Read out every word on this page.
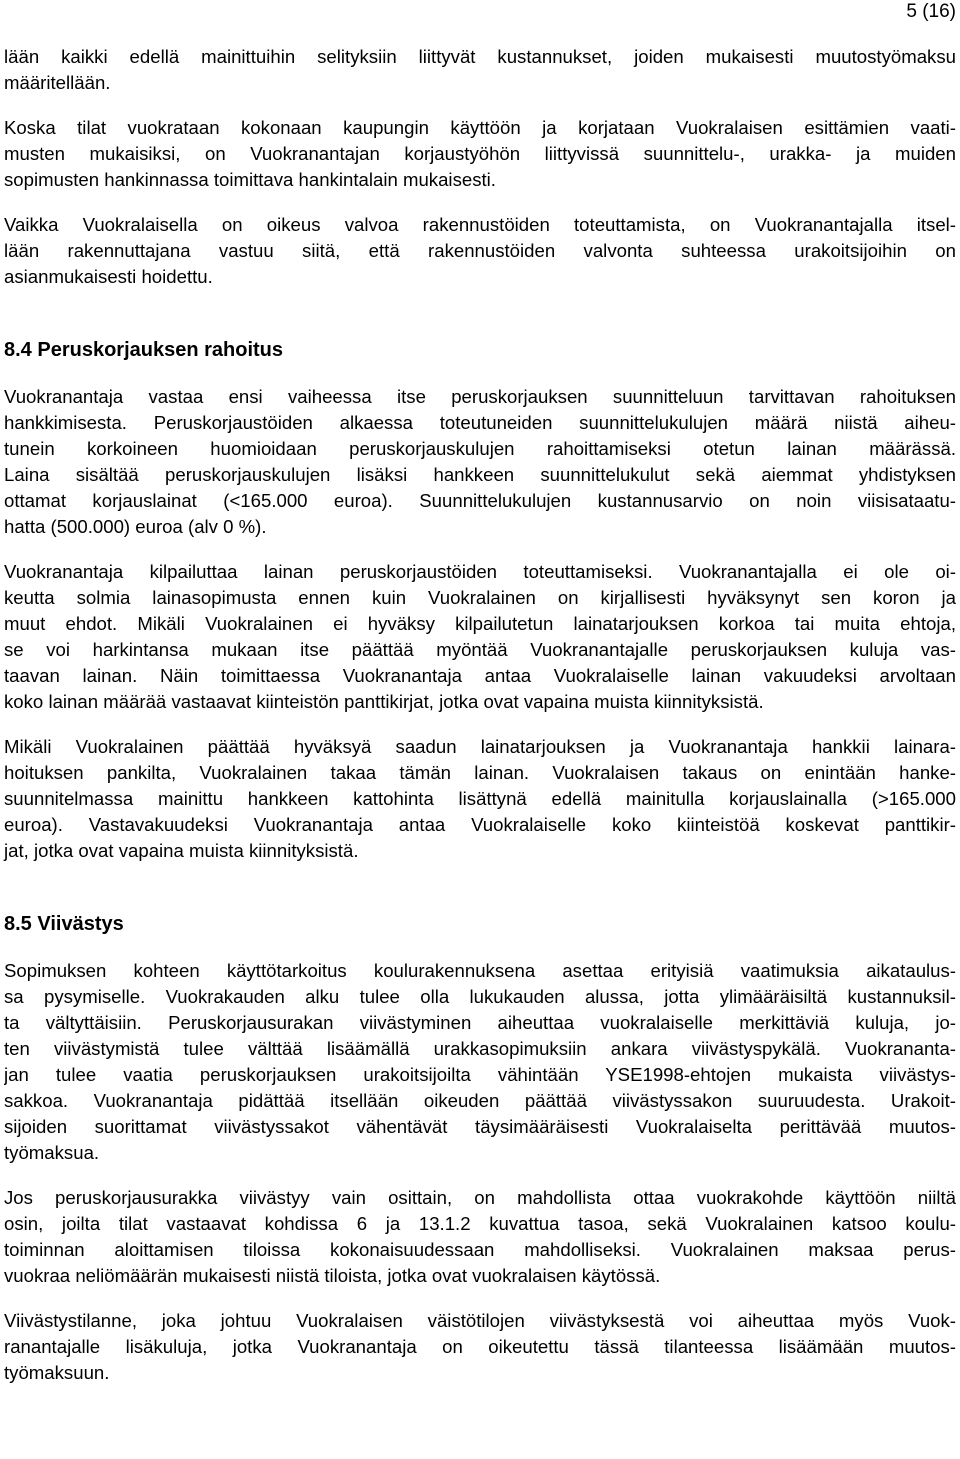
5 (16)
lään kaikki edellä mainittuihin selityksiin liittyvät kustannukset, joiden mukaisesti muutostyömaksu
määritellään.
Koska tilat vuokrataan kokonaan kaupungin käyttöön ja korjataan Vuokralaisen esittämien vaati-
musten mukaisiksi, on Vuokranantajan korjaustyöhön liittyvissä suunnittelu-, urakka- ja muiden
sopimusten hankinnassa toimittava hankintalain mukaisesti.
Vaikka Vuokralaisella on oikeus valvoa rakennustöiden toteuttamista, on Vuokranantajalla itsel-
lään rakennuttajana vastuu siitä, että rakennustöiden valvonta suhteessa urakoitsijoihin on
asianmukaisesti hoidettu.
8.4 Peruskorjauksen rahoitus
Vuokranantaja vastaa ensi vaiheessa itse peruskorjauksen suunnitteluun tarvittavan rahoituksen
hankkimisesta. Peruskorjaustöiden alkaessa toteutuneiden suunnittelukulujen määrä niistä aiheu-
tunein korkoineen huomioidaan peruskorjauskulujen rahoittamiseksi otetun lainan määrässä.
Laina sisältää peruskorjauskulujen lisäksi hankkeen suunnittelukulut sekä aiemmat yhdistyksen
ottamat korjauslainat (<165.000 euroa). Suunnittelukulujen kustannusarvio on noin viisisataatu-
hatta (500.000) euroa (alv 0 %).
Vuokranantaja kilpailuttaa lainan peruskorjaustöiden toteuttamiseksi. Vuokranantajalla ei ole oi-
keutta solmia lainasopimusta ennen kuin Vuokralainen on kirjallisesti hyväksynyt sen koron ja
muut ehdot. Mikäli Vuokralainen ei hyväksy kilpailutetun lainatarjouksen korkoa tai muita ehtoja,
se voi harkintansa mukaan itse päättää myöntää Vuokranantajalle peruskorjauksen kuluja vas-
taavan lainan. Näin toimittaessa Vuokranantaja antaa Vuokralaiselle lainan vakuudeksi arvoltaan
koko lainan määrää vastaavat kiinteistön panttikirjat, jotka ovat vapaina muista kiinnityksistä.
Mikäli Vuokralainen päättää hyväksyä saadun lainatarjouksen ja Vuokranantaja hankkii lainara-
hoituksen pankilta, Vuokralainen takaa tämän lainan. Vuokralaisen takaus on enintään hanke-
suunnitelmassa mainittu hankkeen kattohinta lisättynä edellä mainitulla korjauslainalla (>165.000
euroa). Vastavakuudeksi Vuokranantaja antaa Vuokralaiselle koko kiinteistöä koskevat panttikir-
jat, jotka ovat vapaina muista kiinnityksistä.
8.5 Viivästys
Sopimuksen kohteen käyttötarkoitus koulurakennuksena asettaa erityisiä vaatimuksia aikataulus-
sa pysymiselle. Vuokrakauden alku tulee olla lukukauden alussa, jotta ylimääräisiltä kustannuksil-
ta vältyttäisiin. Peruskorjausurakan viivästyminen aiheuttaa vuokralaiselle merkittäviä kuluja, jo-
ten viivästymistä tulee välttää lisäämällä urakkasopimuksiin ankara viivästyspykälä. Vuokrananta-
jan tulee vaatia peruskorjauksen urakoitsijoilta vähintään YSE1998-ehtojen mukaista viivästys-
sakkoa. Vuokranantaja pidättää itsellään oikeuden päättää viivästyssakon suuruudesta. Urakoit-
sijoiden suorittamat viivästyssakot vähentävät täysimääräisesti Vuokralaiselta perittävää muutos-
työmaksua.
Jos peruskorjausurakka viivästyy vain osittain, on mahdollista ottaa vuokrakohde käyttöön niiltä
osin, joilta tilat vastaavat kohdissa 6 ja 13.1.2 kuvattua tasoa, sekä Vuokralainen katsoo koulu-
toiminnan aloittamisen tiloissa kokonaisuudessaan mahdolliseksi. Vuokralainen maksaa perus-
vuokraa neliömäärän mukaisesti niistä tiloista, jotka ovat vuokralaisen käytössä.
Viivästystilanne, joka johtuu Vuokralaisen väistötilojen viivästyksestä voi aiheuttaa myös Vuok-
ranantajalle lisäkuluja, jotka Vuokranantaja on oikeutettu tässä tilanteessa lisäämään muutos-
työmaksuun.
